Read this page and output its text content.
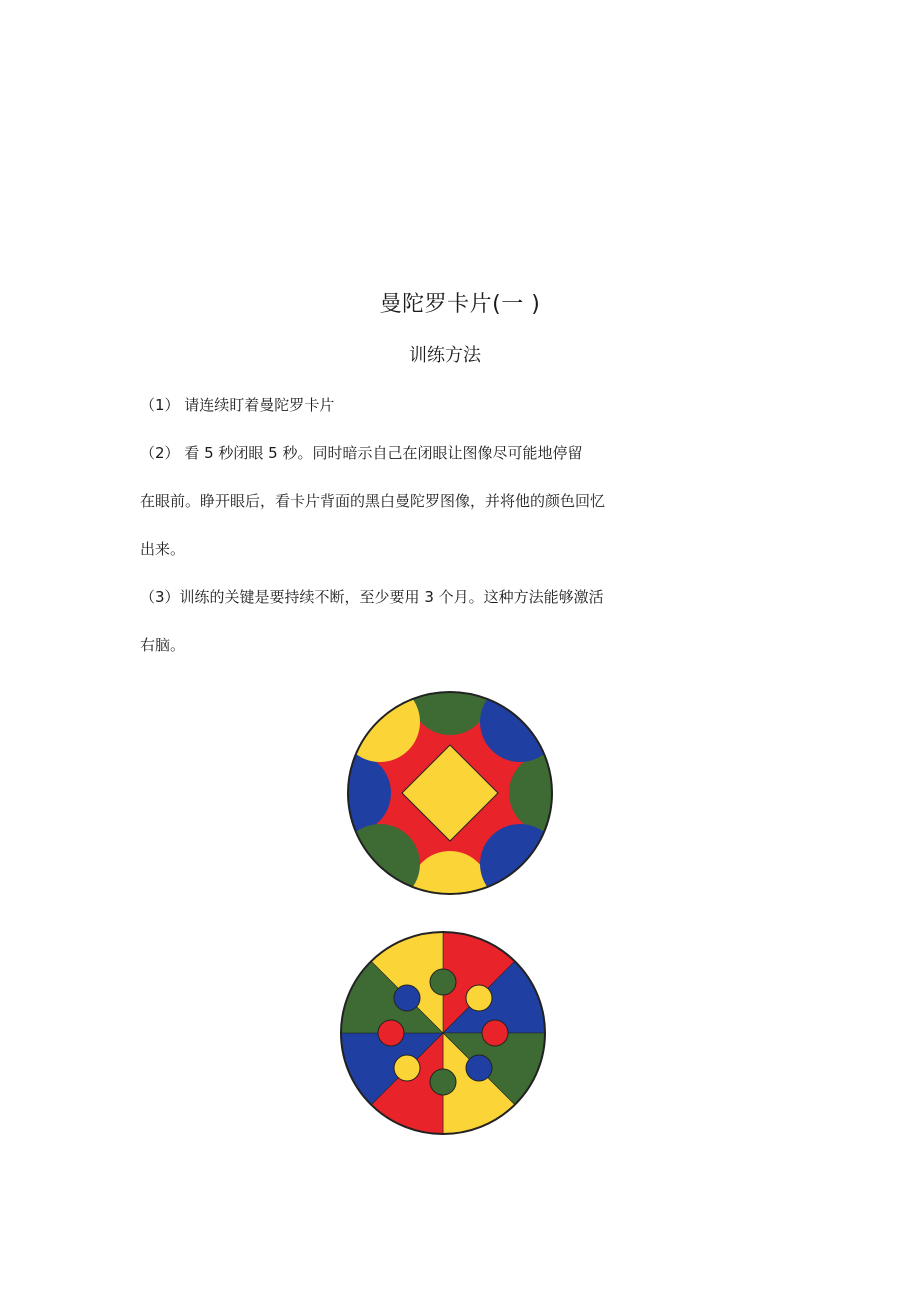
曼陀罗卡片(一 )
训练方法
（1） 请连续盯着曼陀罗卡片
（2） 看 5 秒闭眼 5 秒。同时暗示自己在闭眼让图像尽可能地停留
在眼前。睁开眼后，看卡片背面的黑白曼陀罗图像，并将他的颜色回忆
出来。
（3）训练的关键是要持续不断，至少要用 3 个月。这种方法能够激活
右脑。
